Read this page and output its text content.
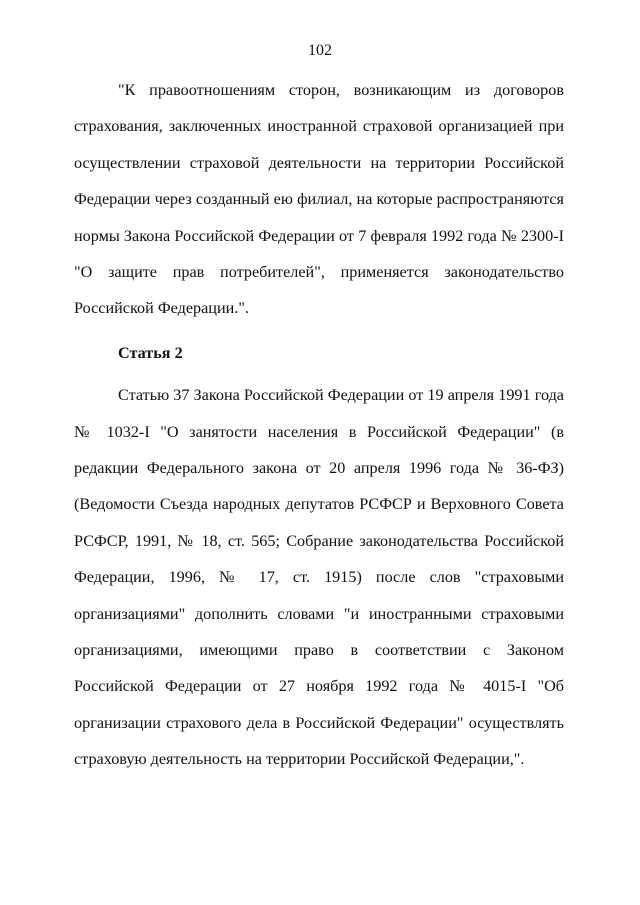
102

"К правоотношениям сторон, возникающим из договоров страхования, заключенных иностранной страховой организацией при осуществлении страховой деятельности на территории Российской Федерации через созданный ею филиал, на которые распространяются нормы Закона Российской Федерации от 7 февраля 1992 года № 2300-I "О защите прав потребителей", применяется законодательство Российской Федерации.".

Статья 2

Статью 37 Закона Российской Федерации от 19 апреля 1991 года № 1032-I "О занятости населения в Российской Федерации" (в редакции Федерального закона от 20 апреля 1996 года № 36-ФЗ) (Ведомости Съезда народных депутатов РСФСР и Верховного Совета РСФСР, 1991, № 18, ст. 565; Собрание законодательства Российской Федерации, 1996, № 17, ст. 1915) после слов "страховыми организациями" дополнить словами "и иностранными страховыми организациями, имеющими право в соответствии с Законом Российской Федерации от 27 ноября 1992 года № 4015-I "Об организации страхового дела в Российской Федерации" осуществлять страховую деятельность на территории Российской Федерации,".
